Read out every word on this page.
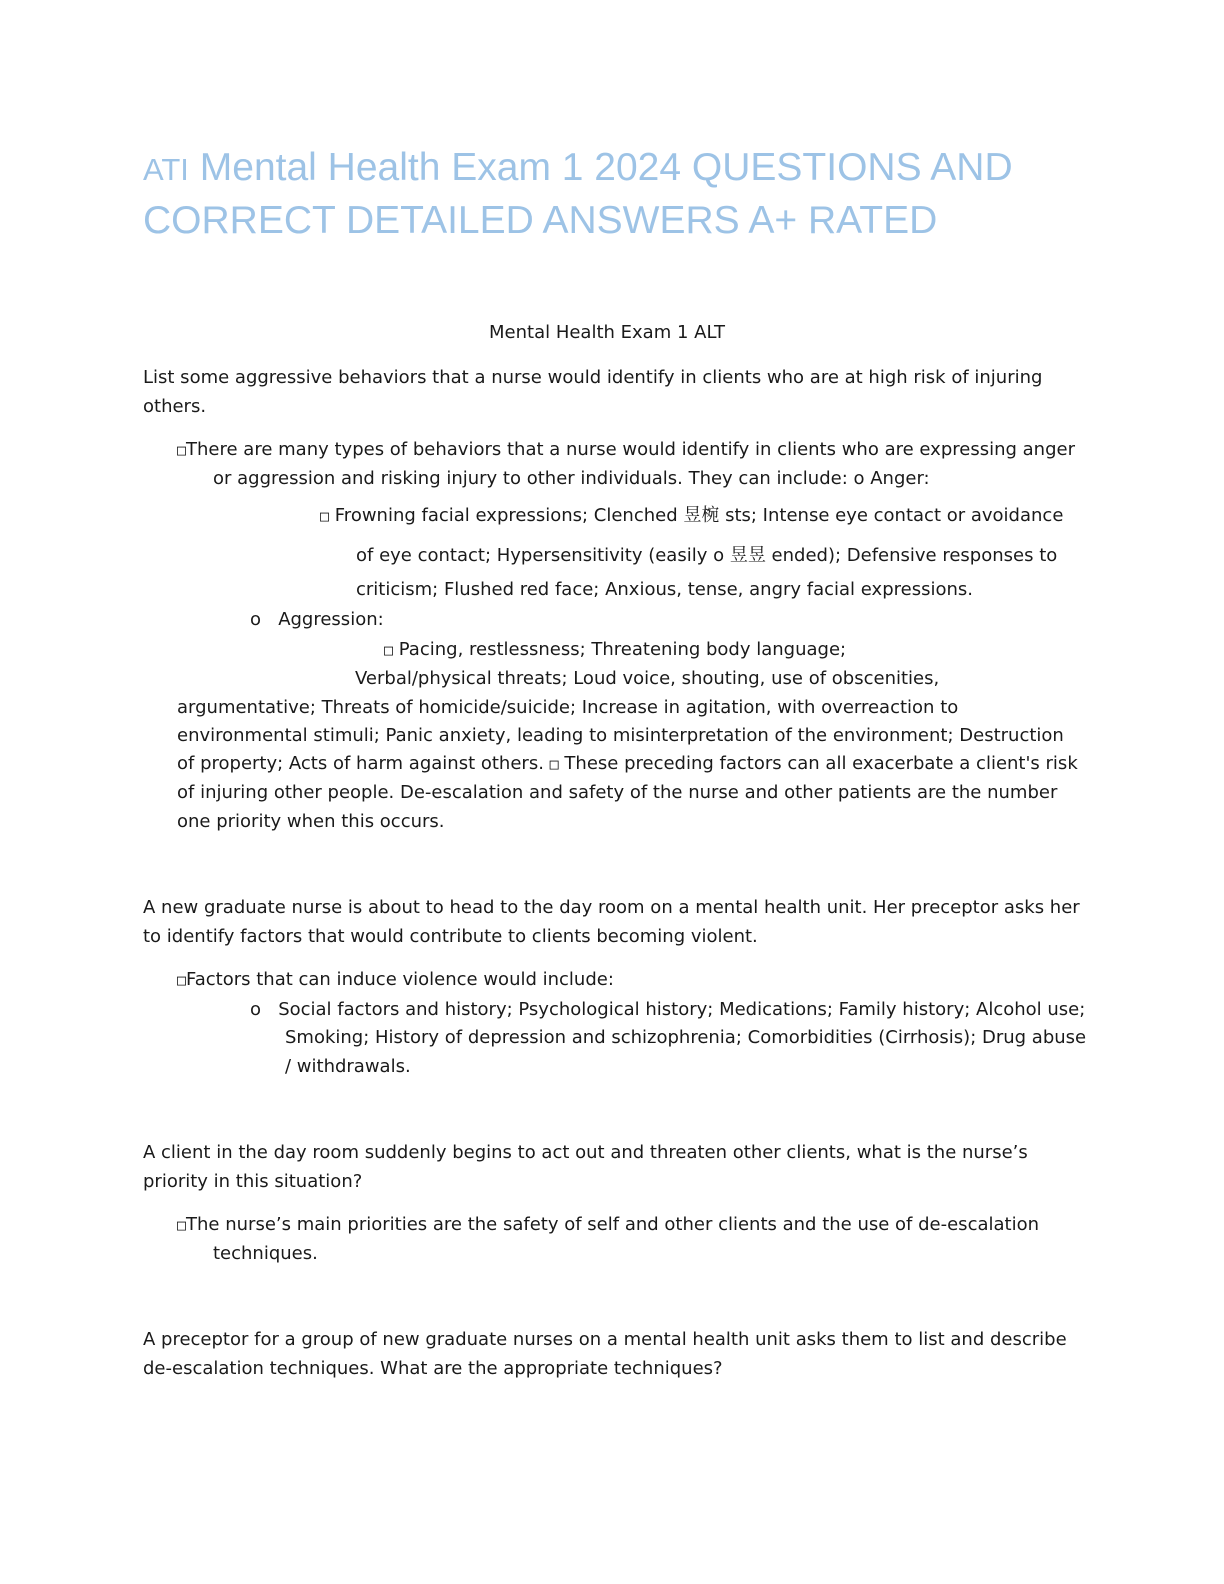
ATI Mental Health Exam 1 2024 QUESTIONS AND
CORRECT DETAILED ANSWERS A+ RATED
Mental Health Exam 1 ALT
List some aggressive behaviors that a nurse would identify in clients who are at high risk of injuring
others.
□There are many types of behaviors that a nurse would identify in clients who are expressing anger
or aggression and risking injury to other individuals. They can include: o Anger:
□ Frowning facial expressions; Clenched 昱椀 sts; Intense eye contact or avoidance
of eye contact; Hypersensitivity (easily o 昱昱 ended); Defensive responses to
criticism; Flushed red face; Anxious, tense, angry facial expressions.
o Aggression:
□ Pacing, restlessness; Threatening body language;
Verbal/physical threats; Loud voice, shouting, use of obscenities,
argumentative; Threats of homicide/suicide; Increase in agitation, with overreaction to
environmental stimuli; Panic anxiety, leading to misinterpretation of the environment; Destruction
of property; Acts of harm against others. □ These preceding factors can all exacerbate a client's risk
of injuring other people. De-escalation and safety of the nurse and other patients are the number
one priority when this occurs.
A new graduate nurse is about to head to the day room on a mental health unit. Her preceptor asks her
to identify factors that would contribute to clients becoming violent.
□Factors that can induce violence would include:
o Social factors and history; Psychological history; Medications; Family history; Alcohol use;
Smoking; History of depression and schizophrenia; Comorbidities (Cirrhosis); Drug abuse
/ withdrawals.
A client in the day room suddenly begins to act out and threaten other clients, what is the nurse’s
priority in this situation?
□The nurse’s main priorities are the safety of self and other clients and the use of de-escalation
techniques.
A preceptor for a group of new graduate nurses on a mental health unit asks them to list and describe
de-escalation techniques. What are the appropriate techniques?
